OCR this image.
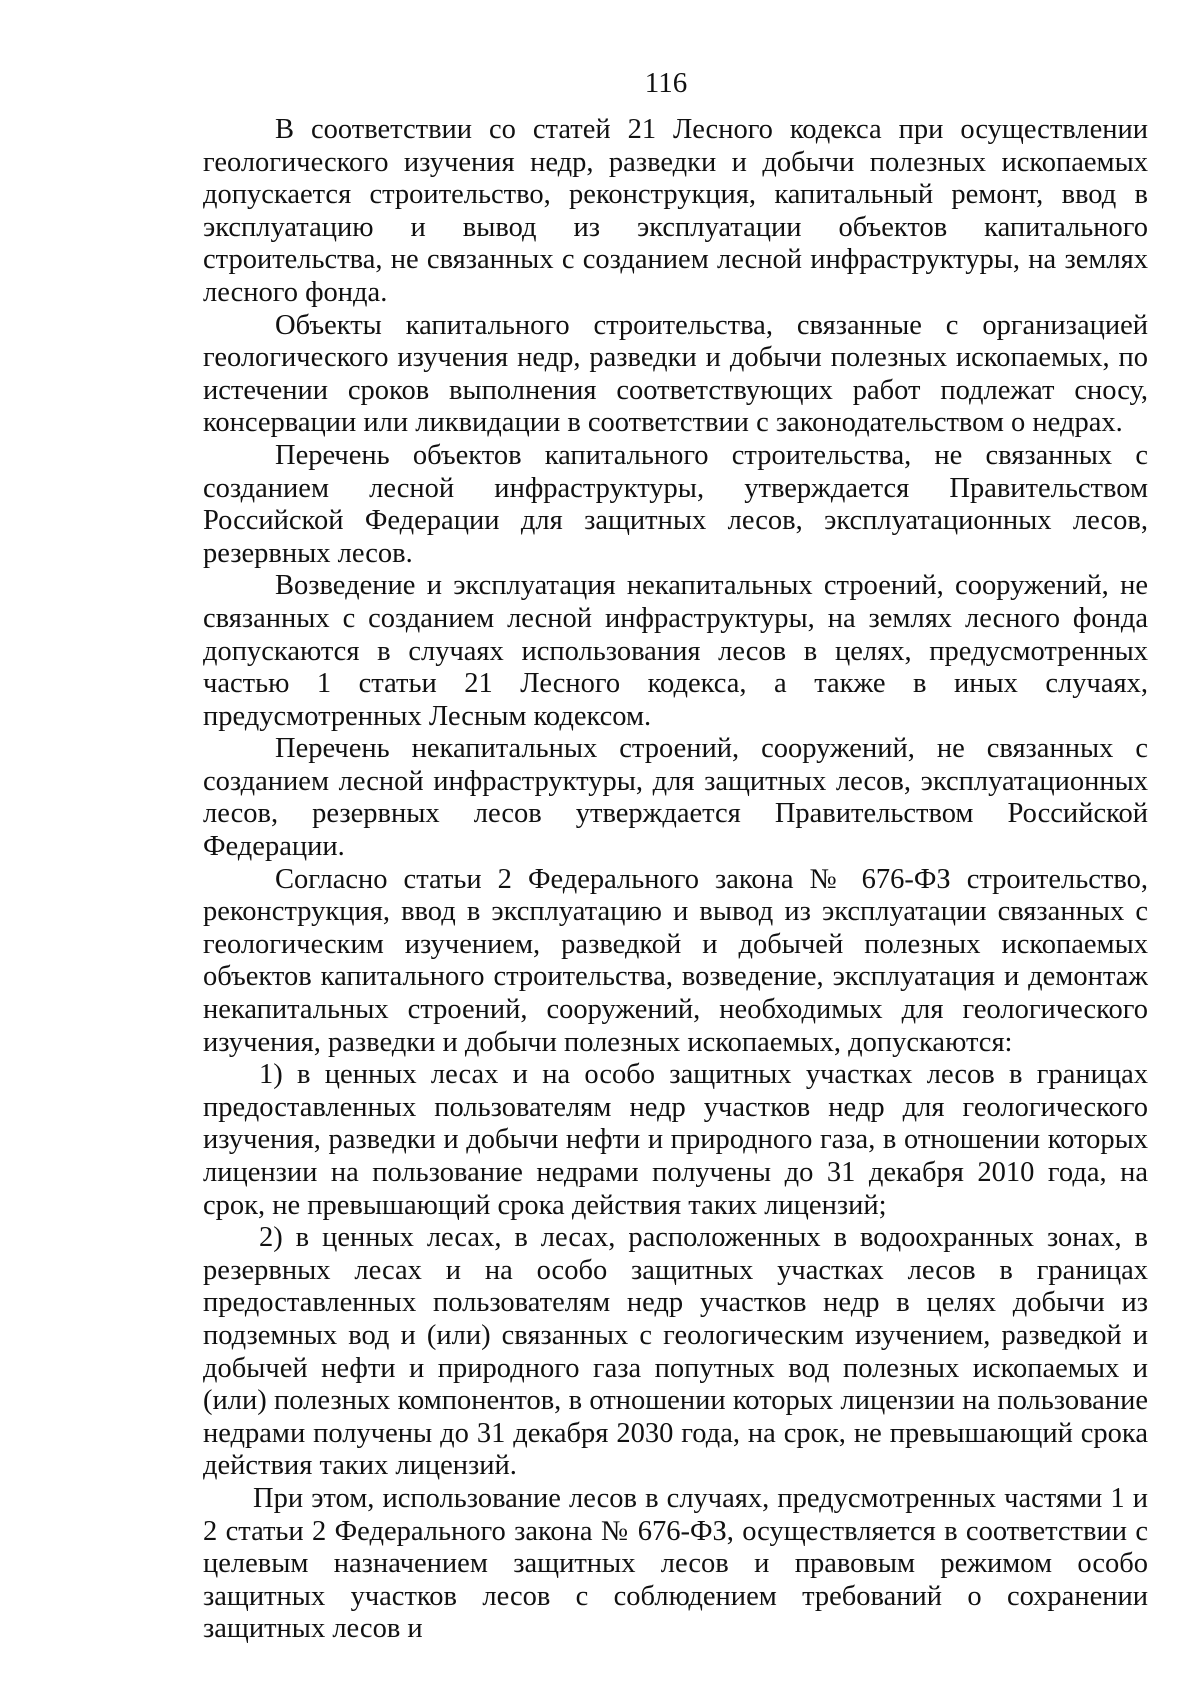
116

В соответствии со статей 21 Лесного кодекса при осуществлении геологического изучения недр, разведки и добычи полезных ископаемых допускается строительство, реконструкция, капитальный ремонт, ввод в эксплуатацию и вывод из эксплуатации объектов капитального строительства, не связанных с созданием лесной инфраструктуры, на землях лесного фонда.

Объекты капитального строительства, связанные с организацией геологического изучения недр, разведки и добычи полезных ископаемых, по истечении сроков выполнения соответствующих работ подлежат сносу, консервации или ликвидации в соответствии с законодательством о недрах.

Перечень объектов капитального строительства, не связанных с созданием лесной инфраструктуры, утверждается Правительством Российской Федерации для защитных лесов, эксплуатационных лесов, резервных лесов.

Возведение и эксплуатация некапитальных строений, сооружений, не связанных с созданием лесной инфраструктуры, на землях лесного фонда допускаются в случаях использования лесов в целях, предусмотренных частью 1 статьи 21 Лесного кодекса, а также в иных случаях, предусмотренных Лесным кодексом.

Перечень некапитальных строений, сооружений, не связанных с созданием лесной инфраструктуры, для защитных лесов, эксплуатационных лесов, резервных лесов утверждается Правительством Российской Федерации.

Согласно статьи 2 Федерального закона № 676-ФЗ строительство, реконструкция, ввод в эксплуатацию и вывод из эксплуатации связанных с геологическим изучением, разведкой и добычей полезных ископаемых объектов капитального строительства, возведение, эксплуатация и демонтаж некапитальных строений, сооружений, необходимых для геологического изучения, разведки и добычи полезных ископаемых, допускаются:

1) в ценных лесах и на особо защитных участках лесов в границах предоставленных пользователям недр участков недр для геологического изучения, разведки и добычи нефти и природного газа, в отношении которых лицензии на пользование недрами получены до 31 декабря 2010 года, на срок, не превышающий срока действия таких лицензий;

2) в ценных лесах, в лесах, расположенных в водоохранных зонах, в резервных лесах и на особо защитных участках лесов в границах предоставленных пользователям недр участков недр в целях добычи из подземных вод и (или) связанных с геологическим изучением, разведкой и добычей нефти и природного газа попутных вод полезных ископаемых и (или) полезных компонентов, в отношении которых лицензии на пользование недрами получены до 31 декабря 2030 года, на срок, не превышающий срока действия таких лицензий.

При этом, использование лесов в случаях, предусмотренных частями 1 и 2 статьи 2 Федерального закона № 676-ФЗ, осуществляется в соответствии с целевым назначением защитных лесов и правовым режимом особо защитных участков лесов с соблюдением требований о сохранении защитных лесов и
